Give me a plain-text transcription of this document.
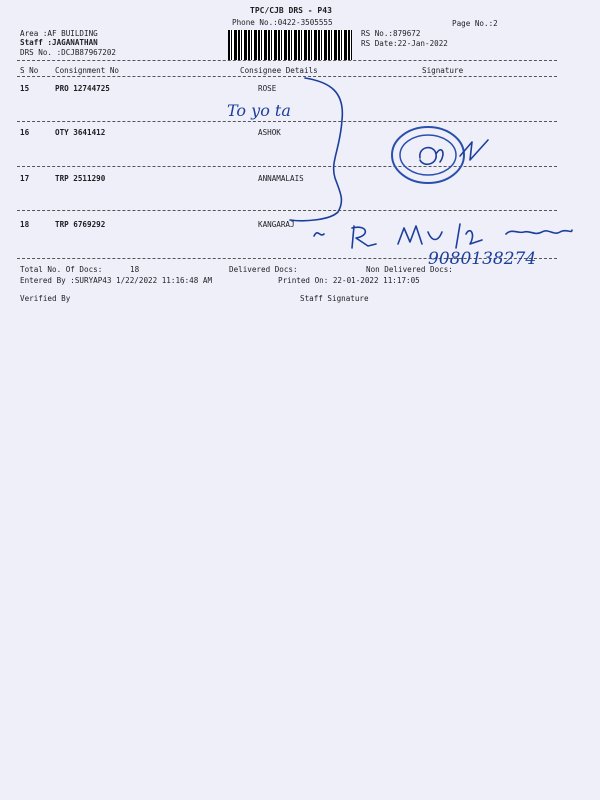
TPC/CJB DRS - P43
Phone No.:0422-3505555	Page No.:2
Area :AF BUILDING
Staff :JAGANATHAN
DRS No. :DCJB87967202
RS No.:879672
RS Date:22-Jan-2022
S No Consignment No	Consignee Details	Signature
15	PRO 12744725	ROSE
16	OTY 3641412	ASHOK
17	TRP 2511290	ANNAMALAIS
18	TRP 6769292	KANGARAJ
Total No. Of Docs:	18	Delivered Docs:	Non Delivered Docs:
Entered By :SURYAP43 1/22/2022 11:16:48 AM	Printed On: 22-01-2022 11:17:05
Verified By	Staff Signature
To yo ta
9080138274
